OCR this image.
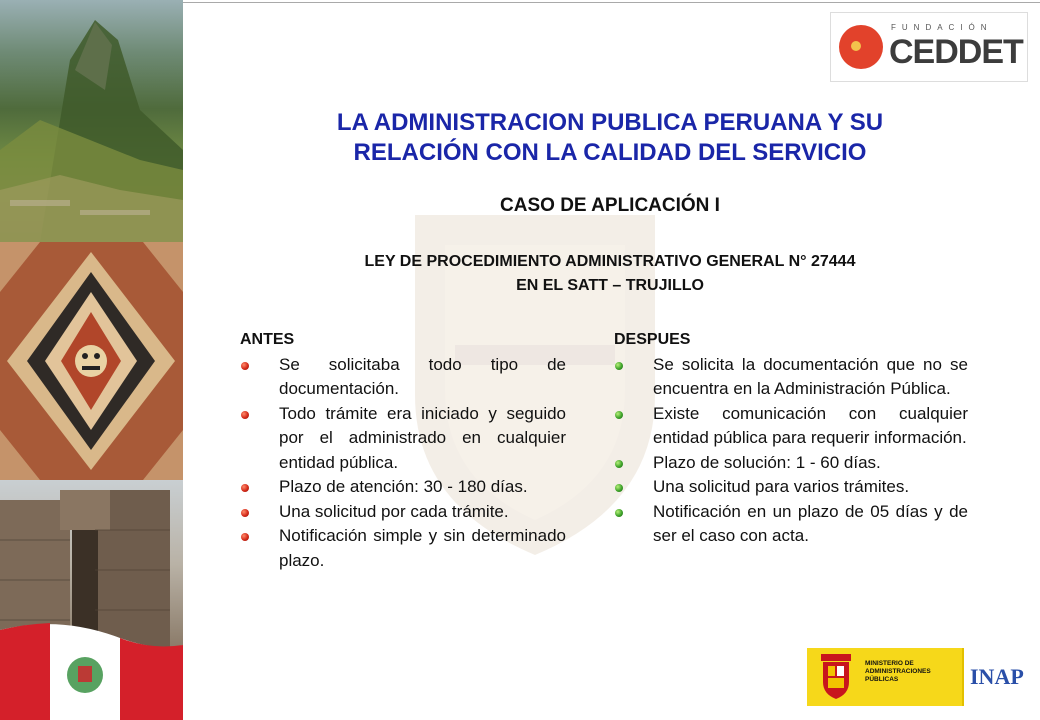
FUNDACIÓN
CEDDET
LA ADMINISTRACION PUBLICA PERUANA Y SU
RELACIÓN CON LA CALIDAD DEL SERVICIO
CASO DE APLICACIÓN I
LEY DE PROCEDIMIENTO ADMINISTRATIVO GENERAL N° 27444
EN EL SATT – TRUJILLO
ANTES
Se solicitaba todo tipo de documentación.
Todo trámite era iniciado y seguido por el administrado en cualquier entidad pública.
Plazo de atención: 30 - 180 días.
Una solicitud por cada trámite.
Notificación simple y sin determinado plazo.
DESPUES
Se solicita la documentación que no se encuentra en la Administración Pública.
Existe comunicación con cualquier entidad pública para requerir información.
Plazo de solución: 1 - 60 días.
Una solicitud para varios trámites.
Notificación en un plazo de 05 días y de ser el caso con acta.
MINISTERIO DE ADMINISTRACIONES PÚBLICAS	INAP
